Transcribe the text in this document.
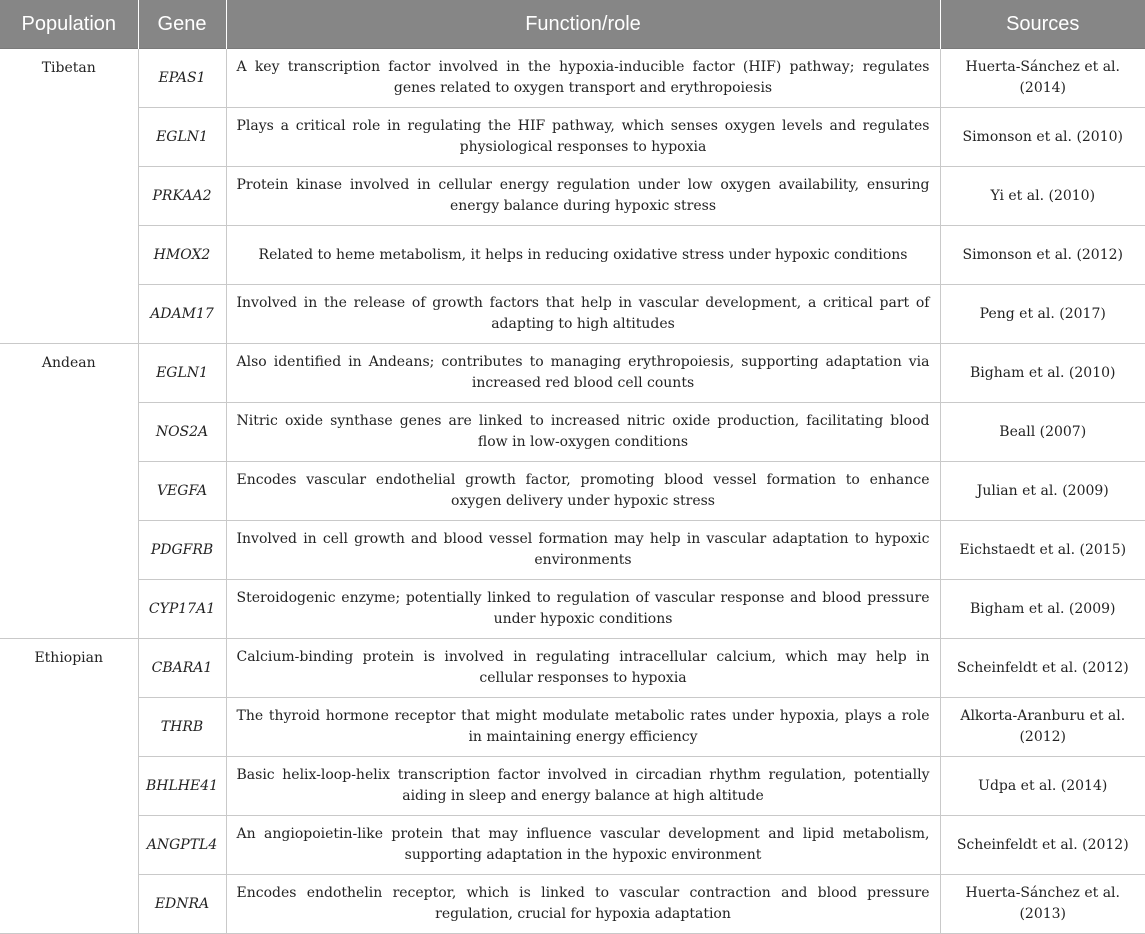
Population	Gene	Function/role	Sources
Tibetan	EPAS1	A key transcription factor involved in the hypoxia-inducible factor (HIF) pathway; regulates genes related to oxygen transport and erythropoiesis	Huerta-Sánchez et al. (2014)
	EGLN1	Plays a critical role in regulating the HIF pathway, which senses oxygen levels and regulates physiological responses to hypoxia	Simonson et al. (2010)
	PRKAA2	Protein kinase involved in cellular energy regulation under low oxygen availability, ensuring energy balance during hypoxic stress	Yi et al. (2010)
	HMOX2	Related to heme metabolism, it helps in reducing oxidative stress under hypoxic conditions	Simonson et al. (2012)
	ADAM17	Involved in the release of growth factors that help in vascular development, a critical part of adapting to high altitudes	Peng et al. (2017)
Andean	EGLN1	Also identified in Andeans; contributes to managing erythropoiesis, supporting adaptation via increased red blood cell counts	Bigham et al. (2010)
	NOS2A	Nitric oxide synthase genes are linked to increased nitric oxide production, facilitating blood flow in low-oxygen conditions	Beall (2007)
	VEGFA	Encodes vascular endothelial growth factor, promoting blood vessel formation to enhance oxygen delivery under hypoxic stress	Julian et al. (2009)
	PDGFRB	Involved in cell growth and blood vessel formation may help in vascular adaptation to hypoxic environments	Eichstaedt et al. (2015)
	CYP17A1	Steroidogenic enzyme; potentially linked to regulation of vascular response and blood pressure under hypoxic conditions	Bigham et al. (2009)
Ethiopian	CBARA1	Calcium-binding protein is involved in regulating intracellular calcium, which may help in cellular responses to hypoxia	Scheinfeldt et al. (2012)
	THRB	The thyroid hormone receptor that might modulate metabolic rates under hypoxia, plays a role in maintaining energy efficiency	Alkorta-Aranburu et al. (2012)
	BHLHE41	Basic helix-loop-helix transcription factor involved in circadian rhythm regulation, potentially aiding in sleep and energy balance at high altitude	Udpa et al. (2014)
	ANGPTL4	An angiopoietin-like protein that may influence vascular development and lipid metabolism, supporting adaptation in the hypoxic environment	Scheinfeldt et al. (2012)
	EDNRA	Encodes endothelin receptor, which is linked to vascular contraction and blood pressure regulation, crucial for hypoxia adaptation	Huerta-Sánchez et al. (2013)
